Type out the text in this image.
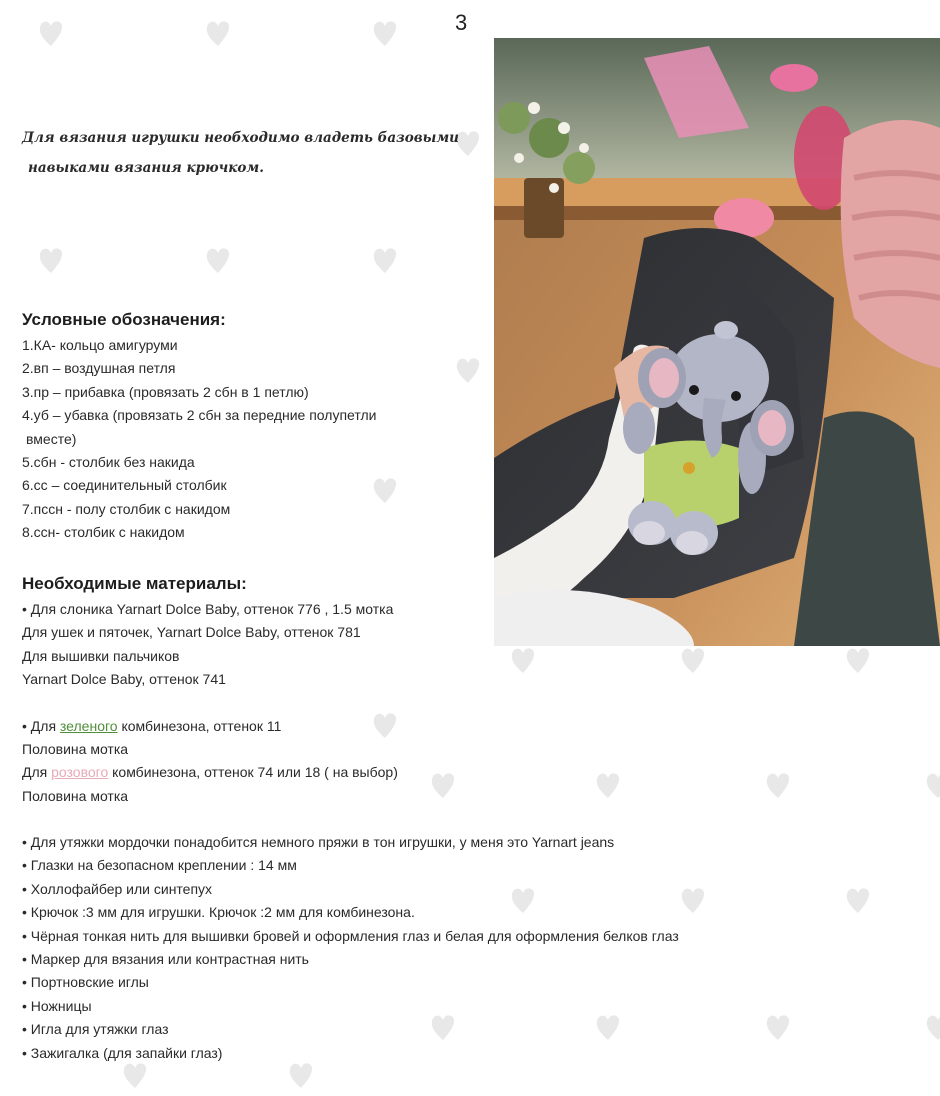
3
Для вязания игрушки необходимо владеть базовыми
навыками вязания крючком.
Условные обозначения:
1.КА- кольцо амигуруми
2.вп – воздушная петля
3.пр – прибавка (провязать 2 сбн в 1 петлю)
4.уб – убавка (провязать 2 сбн за передние полупетли
вместе)
5.сбн - столбик без накида
6.сс – соединительный столбик
7.пссн - полу столбик с накидом
8.ссн- столбик с накидом
Необходимые материалы:
• Для слоника Yarnart Dolce Baby, оттенок 776 , 1.5 мотка
Для ушек и пяточек, Yarnart Dolce Baby, оттенок 781
Для вышивки пальчиков
Yarnart Dolce Baby, оттенок 741
• Для зеленого комбинезона, оттенок 11
Половина мотка
Для розового комбинезона, оттенок 74 или 18 ( на выбор)
Половина мотка
• Для утяжки мордочки понадобится немного пряжи в тон игрушки, у меня это Yarnart jeans
• Глазки на безопасном креплении : 14 мм
• Холлофайбер или синтепух
• Крючок :3 мм для игрушки. Крючок :2 мм для комбинезона.
• Чёрная тонкая нить для вышивки бровей и оформления глаз и белая для оформления белков глаз
• Маркер для вязания или контрастная нить
• Портновские иглы
• Ножницы
• Игла для утяжки глаз
• Зажигалка (для запайки глаз)
